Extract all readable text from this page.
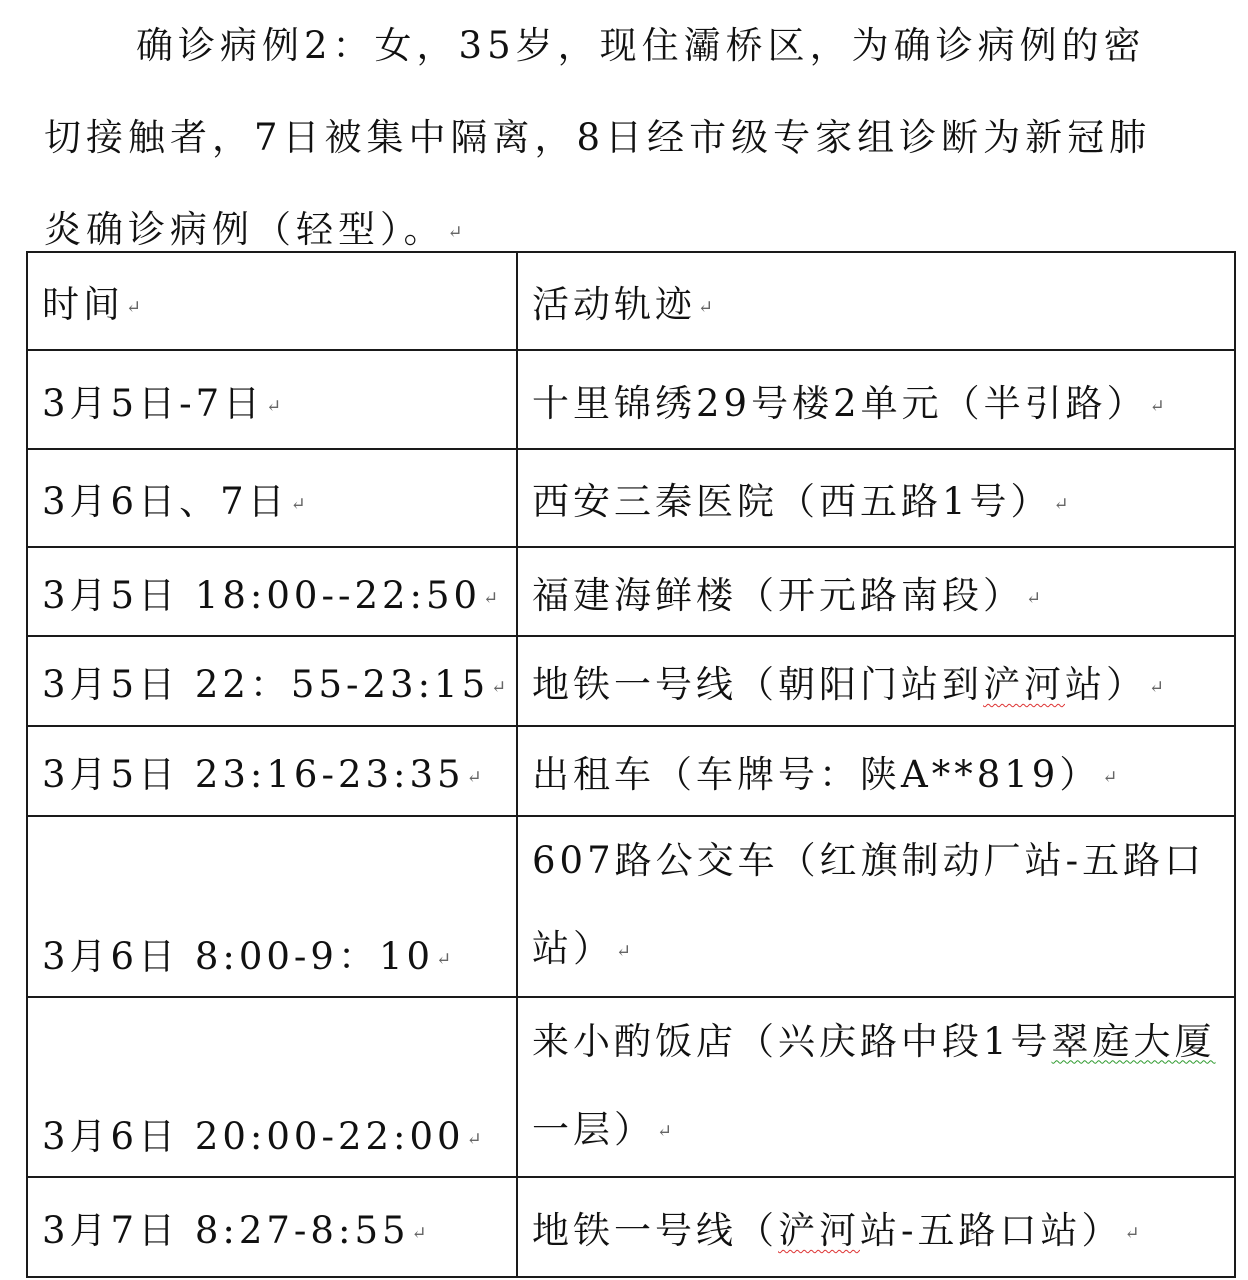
确诊病例2：女，35岁，现住灞桥区，为确诊病例的密
切接触者，7日被集中隔离，8日经市级专家组诊断为新冠肺
炎确诊病例（轻型）。 ↵
时间 ↵	活动轨迹 ↵
3月5日-7日 ↵	十里锦绣29号楼2单元（半引路） ↵
3月6日、7日 ↵	西安三秦医院（西五路1号） ↵
3月5日 18:00--22:50 ↵	福建海鲜楼（开元路南段） ↵
3月5日 22：55-23:15 ↵	地铁一号线（朝阳门站到浐河站） ↵
3月5日 23:16-23:35 ↵	出租车（车牌号：陕A**819） ↵
3月6日 8:00-9：10 ↵	607路公交车（红旗制动厂站-五路口站） ↵
3月6日 20:00-22:00 ↵	来小酌饭店（兴庆路中段1号翠庭大厦一层） ↵
3月7日 8:27-8:55 ↵	地铁一号线（浐河站-五路口站） ↵
